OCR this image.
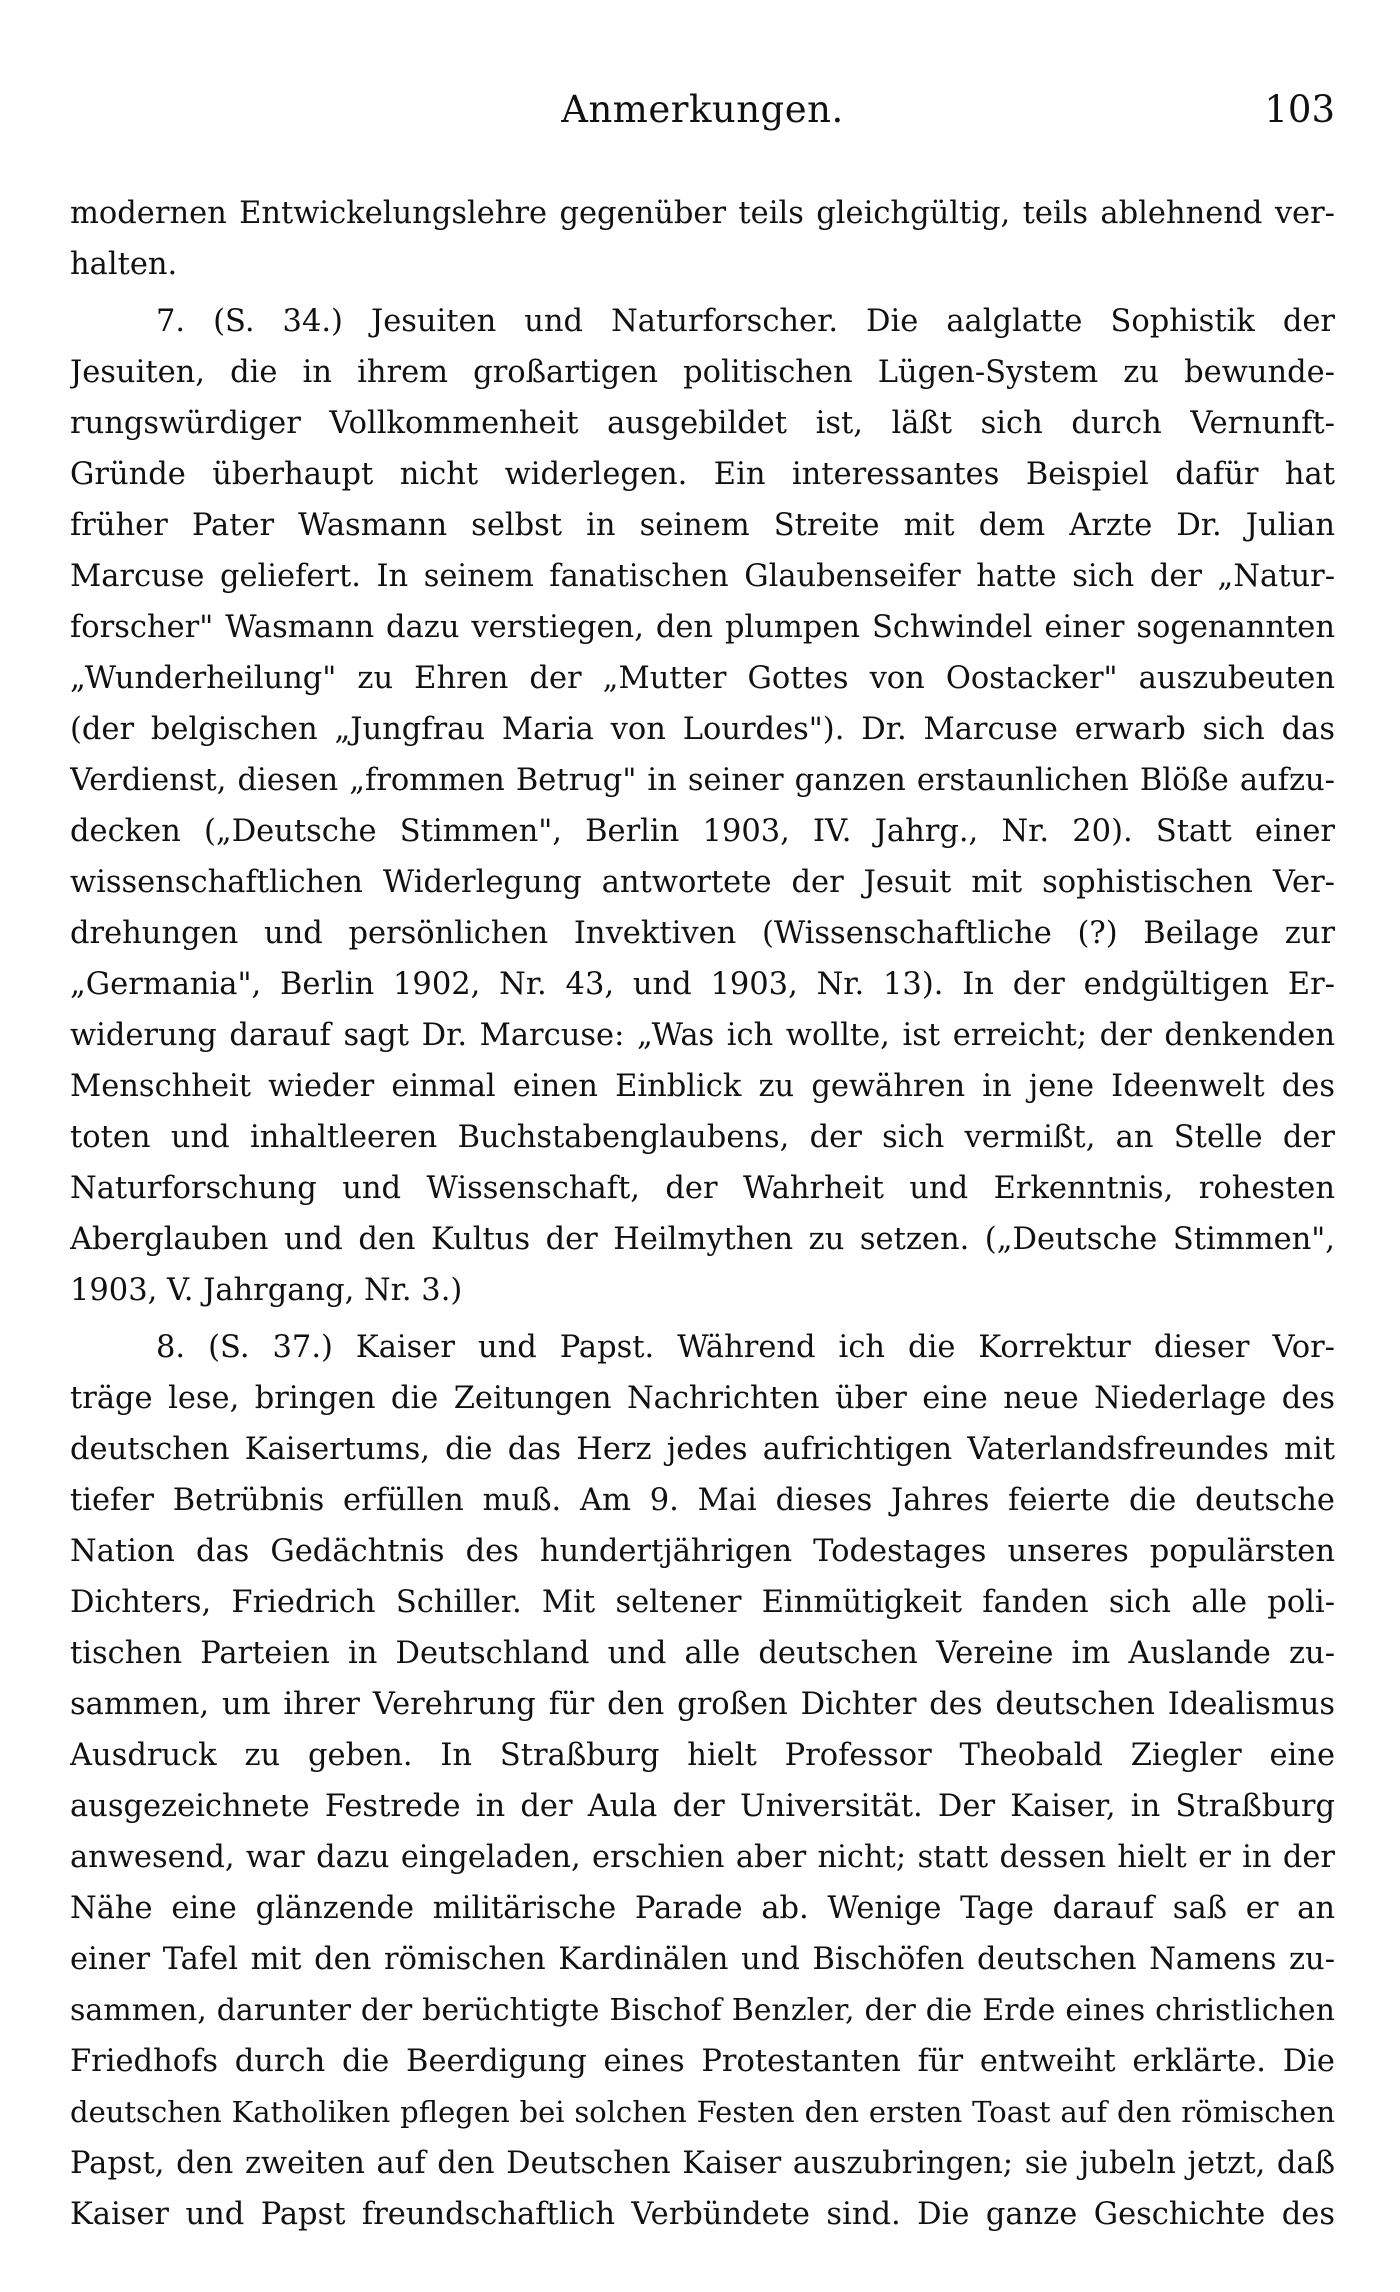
Anmerkungen.	103
modernen Entwickelungslehre gegenüber teils gleichgültig, teils ablehnend ver-
halten.
7. (S. 34.) Jesuiten und Naturforscher. Die aalglatte Sophistik der
Jesuiten, die in ihrem großartigen politischen Lügen-System zu bewunde-
rungswürdiger Vollkommenheit ausgebildet ist, läßt sich durch Vernunft-
Gründe überhaupt nicht widerlegen. Ein interessantes Beispiel dafür hat
früher Pater Wasmann selbst in seinem Streite mit dem Arzte Dr. Julian
Marcuse geliefert. In seinem fanatischen Glaubenseifer hatte sich der „Natur-
forscher" Wasmann dazu verstiegen, den plumpen Schwindel einer sogenannten
„Wunderheilung" zu Ehren der „Mutter Gottes von Oostacker" auszubeuten
(der belgischen „Jungfrau Maria von Lourdes"). Dr. Marcuse erwarb sich das
Verdienst, diesen „frommen Betrug" in seiner ganzen erstaunlichen Blöße aufzu-
decken („Deutsche Stimmen", Berlin 1903, IV. Jahrg., Nr. 20). Statt einer
wissenschaftlichen Widerlegung antwortete der Jesuit mit sophistischen Ver-
drehungen und persönlichen Invektiven (Wissenschaftliche (?) Beilage zur
„Germania", Berlin 1902, Nr. 43, und 1903, Nr. 13). In der endgültigen Er-
widerung darauf sagt Dr. Marcuse: „Was ich wollte, ist erreicht; der denkenden
Menschheit wieder einmal einen Einblick zu gewähren in jene Ideenwelt des
toten und inhaltleeren Buchstabenglaubens, der sich vermißt, an Stelle der
Naturforschung und Wissenschaft, der Wahrheit und Erkenntnis, rohesten
Aberglauben und den Kultus der Heilmythen zu setzen. („Deutsche Stimmen",
1903, V. Jahrgang, Nr. 3.)
8. (S. 37.) Kaiser und Papst. Während ich die Korrektur dieser Vor-
träge lese, bringen die Zeitungen Nachrichten über eine neue Niederlage des
deutschen Kaisertums, die das Herz jedes aufrichtigen Vaterlandsfreundes mit
tiefer Betrübnis erfüllen muß. Am 9. Mai dieses Jahres feierte die deutsche
Nation das Gedächtnis des hundertjährigen Todestages unseres populärsten
Dichters, Friedrich Schiller. Mit seltener Einmütigkeit fanden sich alle poli-
tischen Parteien in Deutschland und alle deutschen Vereine im Auslande zu-
sammen, um ihrer Verehrung für den großen Dichter des deutschen Idealismus
Ausdruck zu geben. In Straßburg hielt Professor Theobald Ziegler eine
ausgezeichnete Festrede in der Aula der Universität. Der Kaiser, in Straßburg
anwesend, war dazu eingeladen, erschien aber nicht; statt dessen hielt er in der
Nähe eine glänzende militärische Parade ab. Wenige Tage darauf saß er an
einer Tafel mit den römischen Kardinälen und Bischöfen deutschen Namens zu-
sammen, darunter der berüchtigte Bischof Benzler, der die Erde eines christlichen
Friedhofs durch die Beerdigung eines Protestanten für entweiht erklärte. Die
deutschen Katholiken pflegen bei solchen Festen den ersten Toast auf den römischen
Papst, den zweiten auf den Deutschen Kaiser auszubringen; sie jubeln jetzt, daß
Kaiser und Papst freundschaftlich Verbündete sind. Die ganze Geschichte des
